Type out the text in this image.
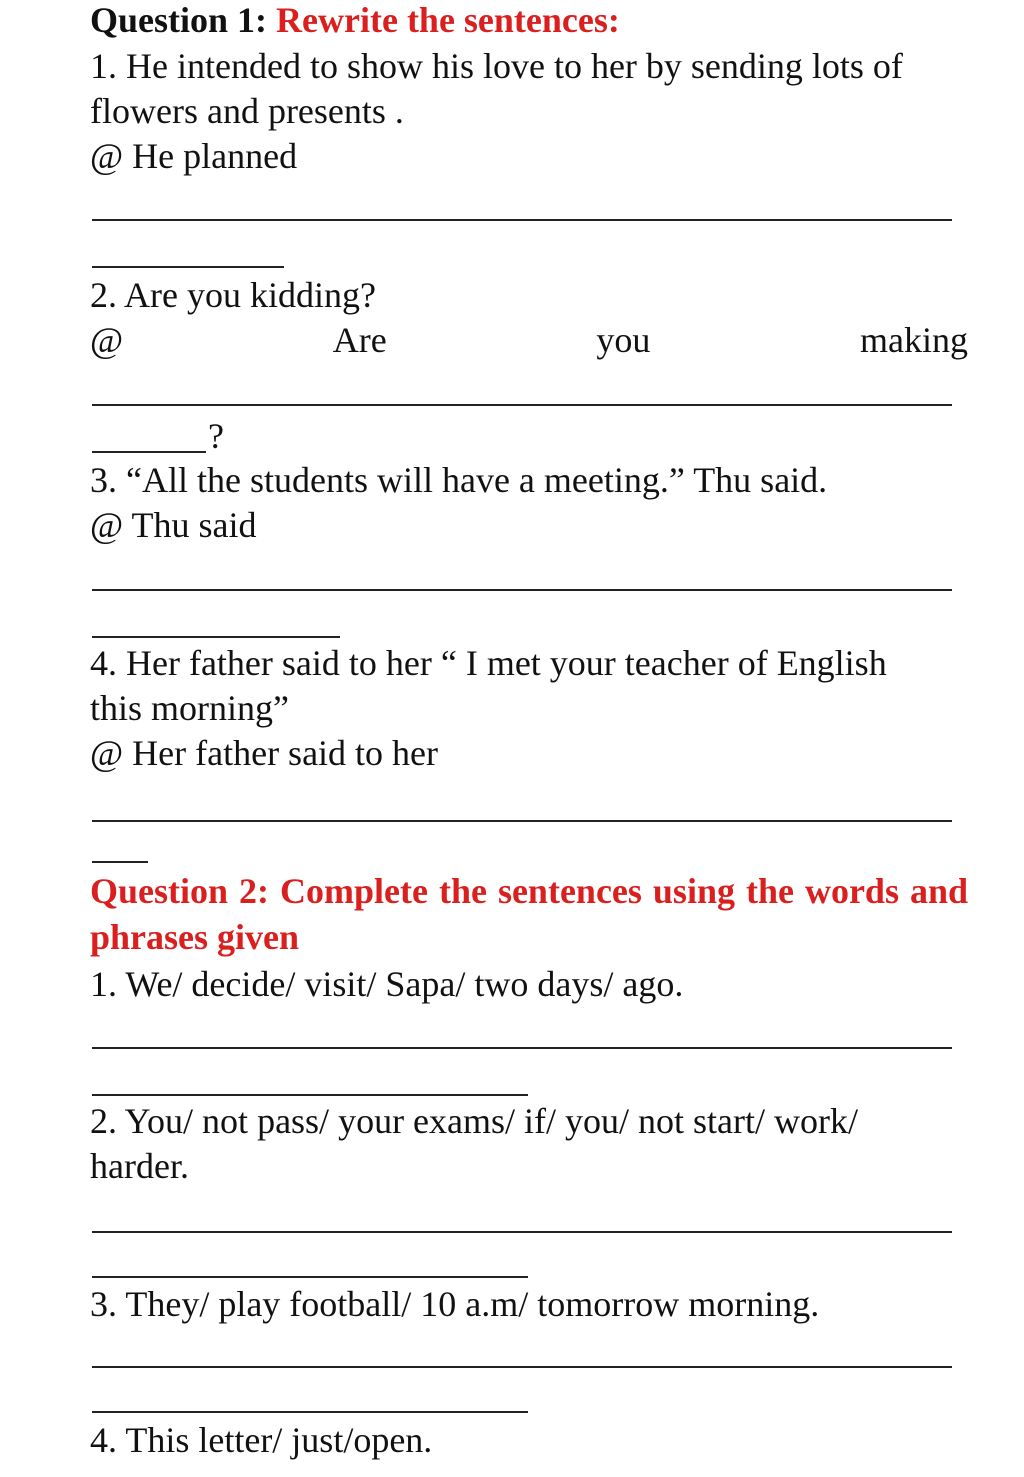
Question 1: Rewrite the sentences:
1. He intended to show his love to her by sending lots of
flowers and presents .
@ He planned
2. Are you kidding?
@	Are	you	making
?
3. “All the students will have a meeting.” Thu said.
@ Thu said
4. Her father said to her “ I met your teacher of English
this morning”
@ Her father said to her
Question 2: Complete the sentences using the words and phrases given
1. We/ decide/ visit/ Sapa/ two days/ ago.
2. You/ not pass/ your exams/ if/ you/ not start/ work/
harder.
3. They/ play football/ 10 a.m/ tomorrow morning.
4. This letter/ just/open.
